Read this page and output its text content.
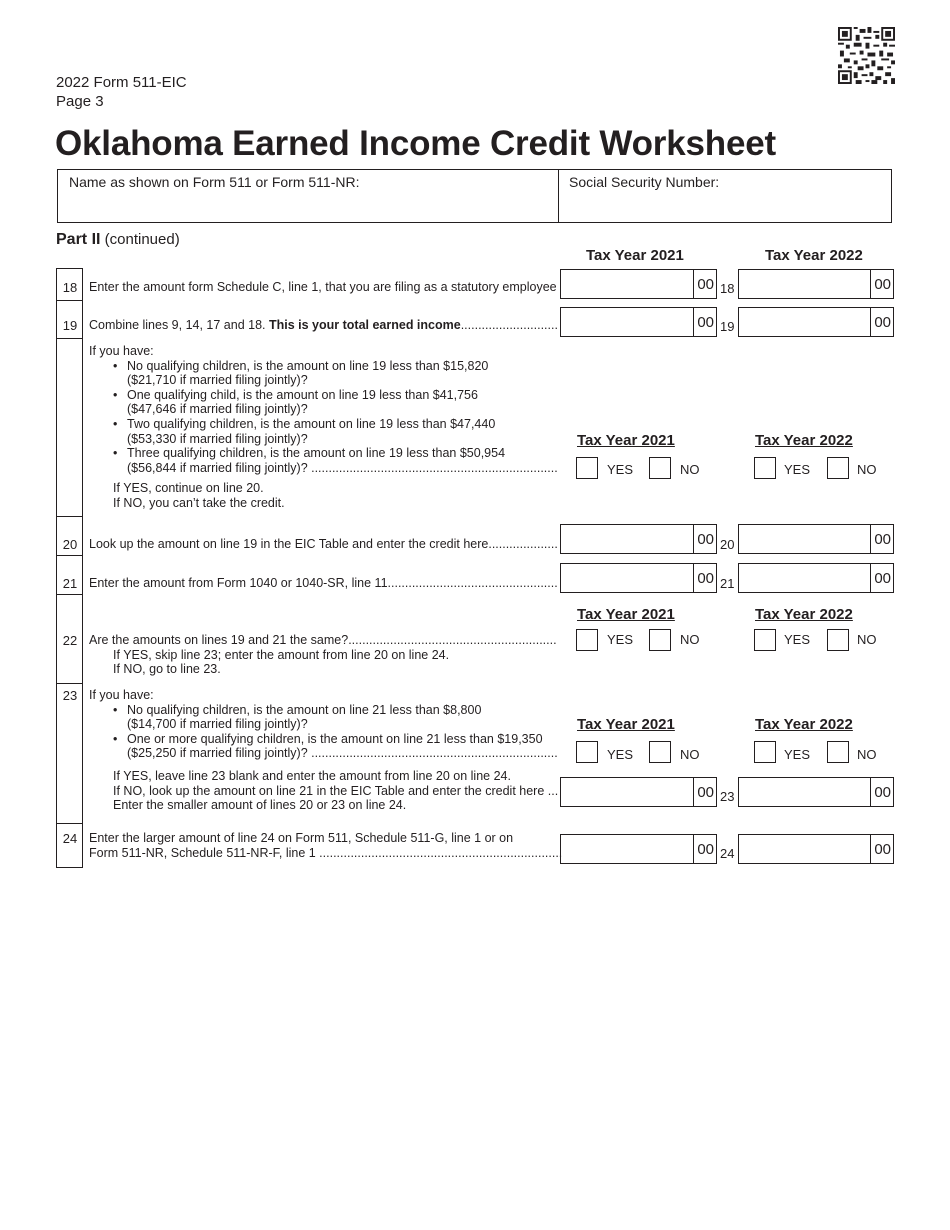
2022 Form 511-EIC
Page 3
Oklahoma Earned Income Credit Worksheet
Name as shown on Form 511 or Form 511-NR:	Social Security Number:
Part II (continued)
Tax Year 2021	Tax Year 2022
18 Enter the amount form Schedule C, line 1, that you are filing as a statutory employee	00 18	00
19 Combine lines 9, 14, 17 and 18. This is your total earned income............................	00 19	00
If you have:
• No qualifying children, is the amount on line 19 less than $15,820
($21,710 if married filing jointly)?
• One qualifying child, is the amount on line 19 less than $41,756
($47,646 if married filing jointly)?
• Two qualifying children, is the amount on line 19 less than $47,440
($53,330 if married filing jointly)?
• Three qualifying children, is the amount on line 19 less than $50,954
($56,844 if married filing jointly)? .......................................................................
If YES, continue on line 20.
If NO, you can’t take the credit.
Tax Year 2021	Tax Year 2022
YES	NO	YES	NO
20 Look up the amount on line 19 in the EIC Table and enter the credit here....................	00 20	00
21 Enter the amount from Form 1040 or 1040-SR, line 11.................................................	00 21	00
22 Are the amounts on lines 19 and 21 the same?............................................................
If YES, skip line 23; enter the amount from line 20 on line 24.
If NO, go to line 23.
Tax Year 2021	Tax Year 2022
YES	NO	YES	NO
23 If you have:
• No qualifying children, is the amount on line 21 less than $8,800
($14,700 if married filing jointly)?
• One or more qualifying children, is the amount on line 21 less than $19,350
($25,250 if married filing jointly)? .......................................................................
If YES, leave line 23 blank and enter the amount from line 20 on line 24.
If NO, look up the amount on line 21 in the EIC Table and enter the credit here ...
Enter the smaller amount of lines 20 or 23 on line 24.
Tax Year 2021	Tax Year 2022
YES	NO	YES	NO
00 23	00
24 Enter the larger amount of line 24 on Form 511, Schedule 511-G, line 1 or on
Form 511-NR, Schedule 511-NR-F, line 1 ......................................................................	00 24	00
